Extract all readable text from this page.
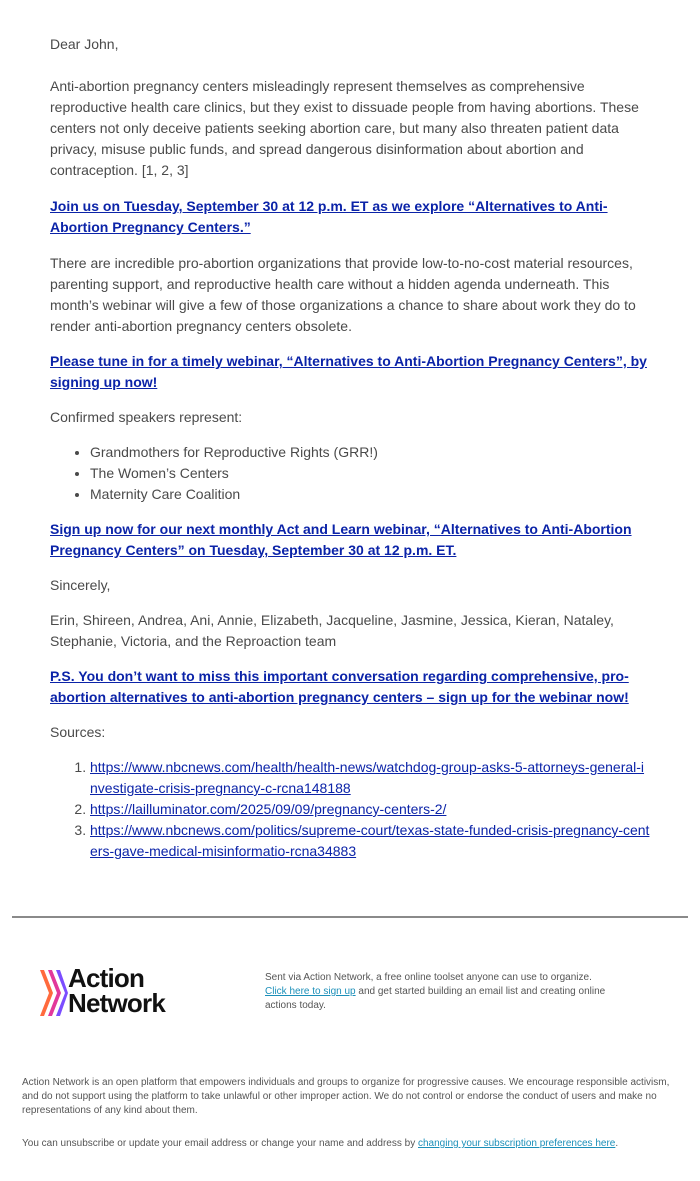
Dear John,

Anti-abortion pregnancy centers misleadingly represent themselves as comprehensive reproductive health care clinics, but they exist to dissuade people from having abortions. These centers not only deceive patients seeking abortion care, but many also threaten patient data privacy, misuse public funds, and spread dangerous disinformation about abortion and contraception. [1, 2, 3]

Join us on Tuesday, September 30 at 12 p.m. ET as we explore “Alternatives to Anti-Abortion Pregnancy Centers.”

There are incredible pro-abortion organizations that provide low-to-no-cost material resources, parenting support, and reproductive health care without a hidden agenda underneath. This month’s webinar will give a few of those organizations a chance to share about work they do to render anti-abortion pregnancy centers obsolete.

Please tune in for a timely webinar, “Alternatives to Anti-Abortion Pregnancy Centers”, by signing up now!

Confirmed speakers represent:

• Grandmothers for Reproductive Rights (GRR!)
• The Women’s Centers
• Maternity Care Coalition
Sign up now for our next monthly Act and Learn webinar, “Alternatives to Anti-Abortion Pregnancy Centers” on Tuesday, September 30 at 12 p.m. ET.

Sincerely,

Erin, Shireen, Andrea, Ani, Annie, Elizabeth, Jacqueline, Jasmine, Jessica, Kieran, Nataley, Stephanie, Victoria, and the Reproaction team

P.S. You don’t want to miss this important conversation regarding comprehensive, pro-abortion alternatives to anti-abortion pregnancy centers – sign up for the webinar now!

Sources:

1. https://www.nbcnews.com/health/health-news/watchdog-group-asks-5-attorneys-general-investigate-crisis-pregnancy-c-rcna148188
2. https://lailluminator.com/2025/09/09/pregnancy-centers-2/
3. https://www.nbcnews.com/politics/supreme-court/texas-state-funded-crisis-pregnancy-centers-gave-medical-misinformatio-rcna34883
Action
Network
Sent via Action Network, a free online toolset anyone can use to organize.
Click here to sign up and get started building an email list and creating online actions today.
Action Network is an open platform that empowers individuals and groups to organize for progressive causes. We encourage responsible activism, and do not support using the platform to take unlawful or other improper action. We do not control or endorse the conduct of users and make no representations of any kind about them.
You can unsubscribe or update your email address or change your name and address by changing your subscription preferences here.
